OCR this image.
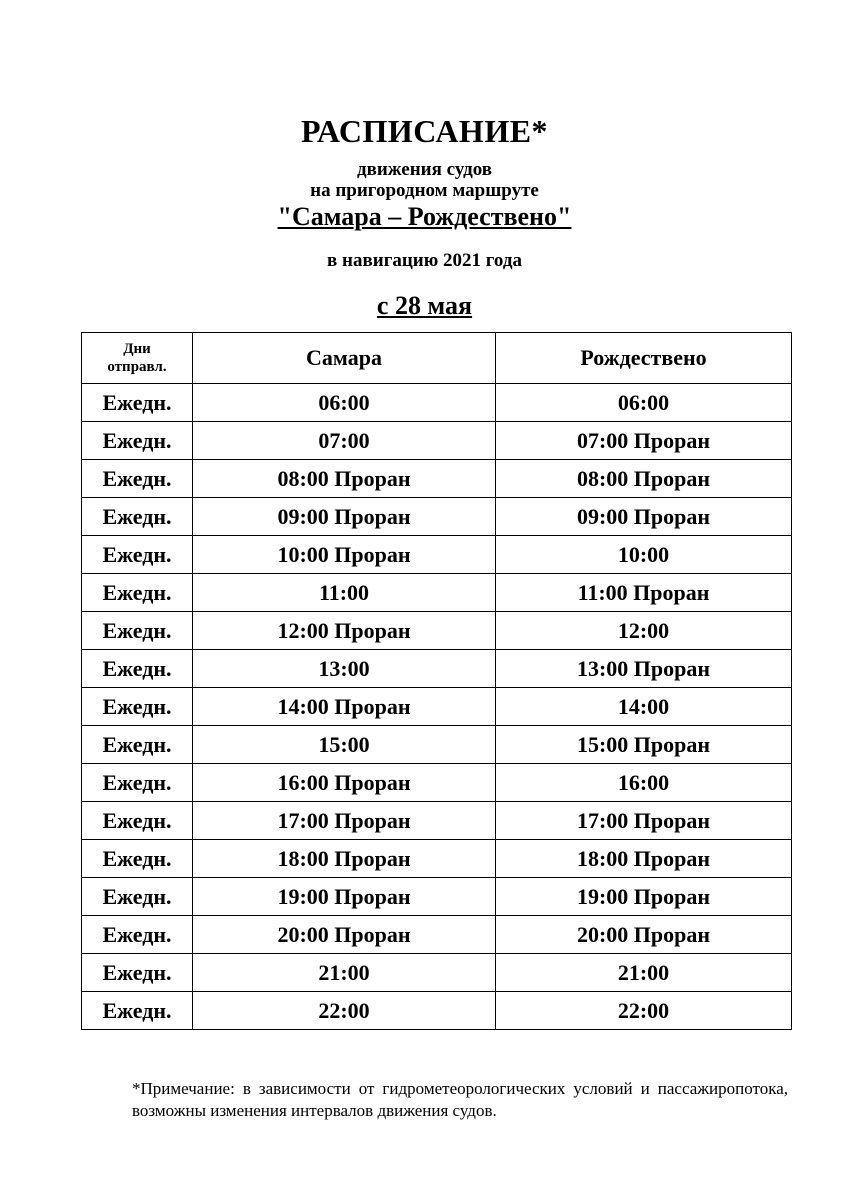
РАСПИСАНИЕ*
движения судов
на пригородном маршруте
"Самара – Рождествено"
в навигацию 2021 года
с 28 мая
Дни
отправл.	Самара	Рождествено
Ежедн.	06:00	06:00
Ежедн.	07:00	07:00 Проран
Ежедн.	08:00 Проран	08:00 Проран
Ежедн.	09:00 Проран	09:00 Проран
Ежедн.	10:00 Проран	10:00
Ежедн.	11:00	11:00 Проран
Ежедн.	12:00 Проран	12:00
Ежедн.	13:00	13:00 Проран
Ежедн.	14:00 Проран	14:00
Ежедн.	15:00	15:00 Проран
Ежедн.	16:00 Проран	16:00
Ежедн.	17:00 Проран	17:00 Проран
Ежедн.	18:00 Проран	18:00 Проран
Ежедн.	19:00 Проран	19:00 Проран
Ежедн.	20:00 Проран	20:00 Проран
Ежедн.	21:00	21:00
Ежедн.	22:00	22:00
*Примечание: в зависимости от гидрометеорологических условий и пассажиропотока, возможны изменения интервалов движения судов.
